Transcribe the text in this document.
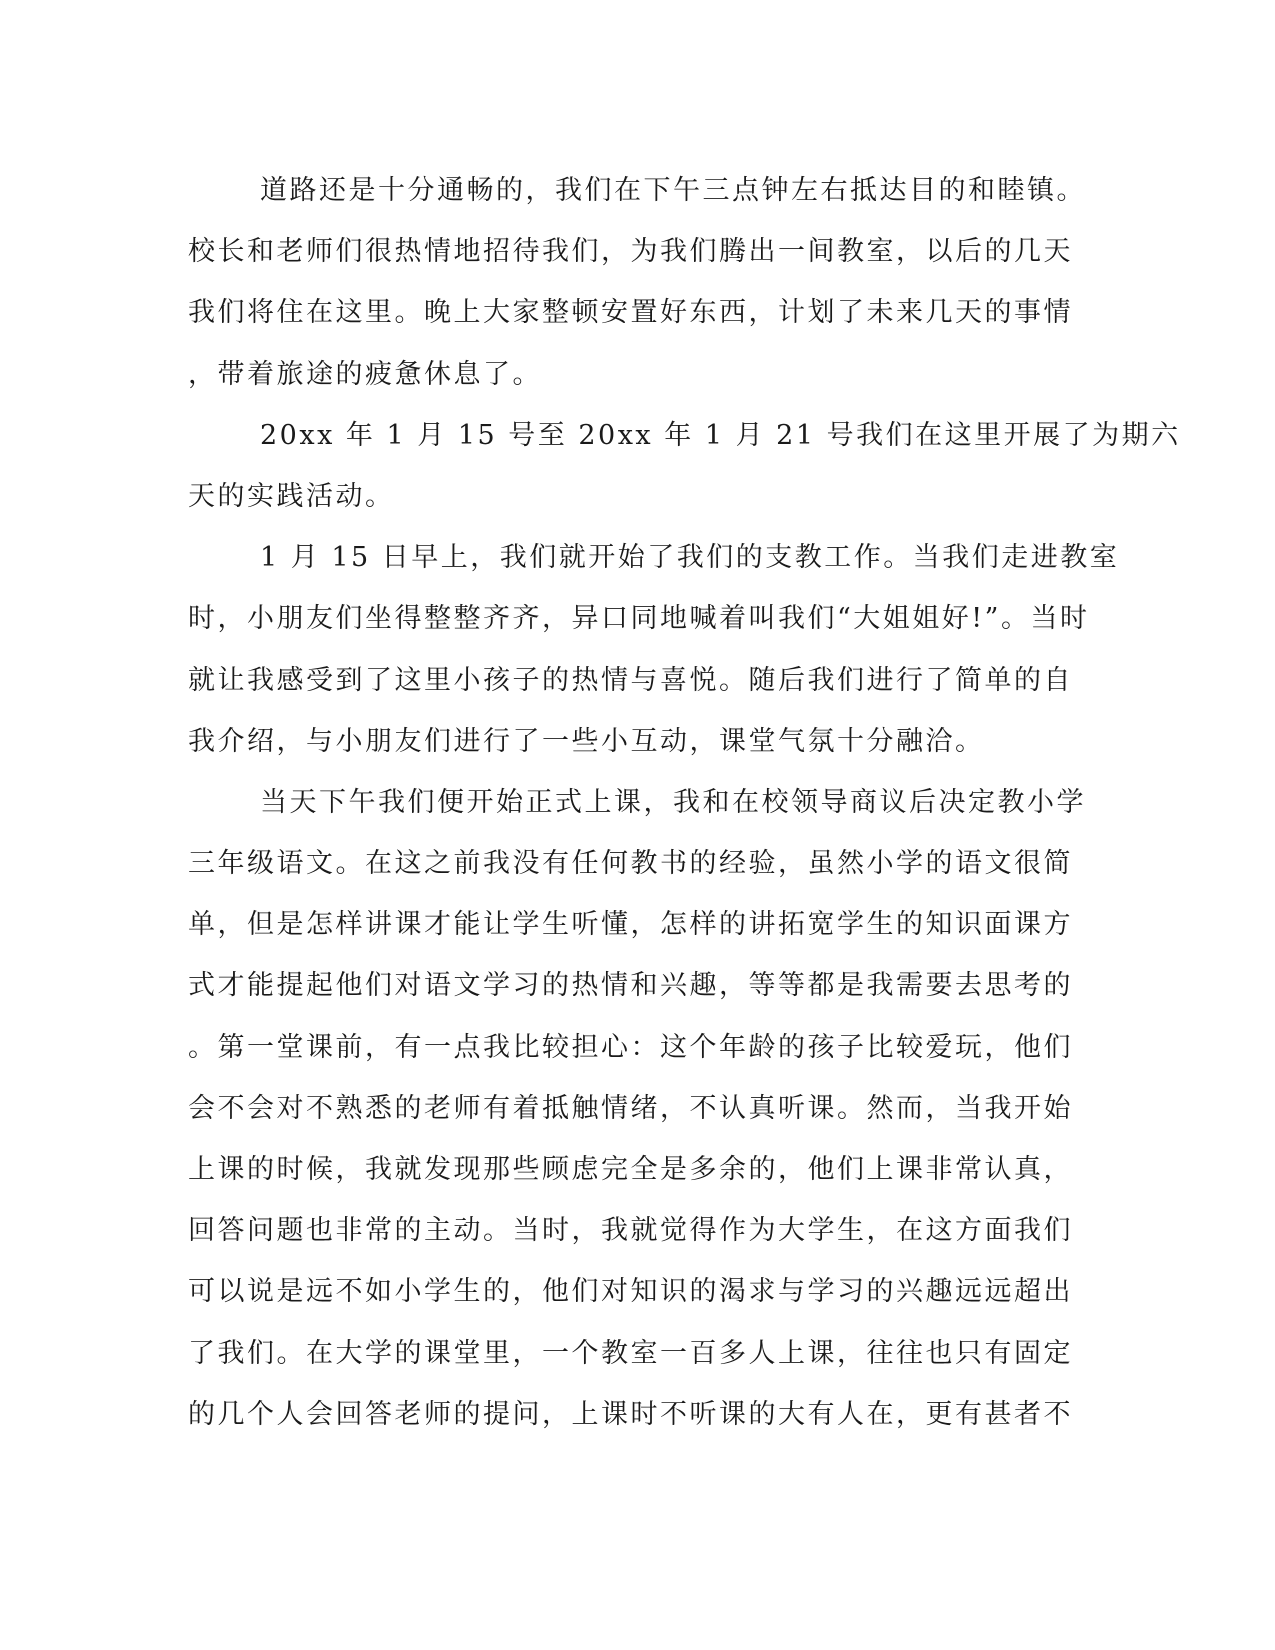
道路还是十分通畅的，我们在下午三点钟左右抵达目的和睦镇。
校长和老师们很热情地招待我们，为我们腾出一间教室，以后的几天
我们将住在这里。晚上大家整顿安置好东西，计划了未来几天的事情
，带着旅途的疲惫休息了。
20xx 年 1 月 15 号至 20xx 年 1 月 21 号我们在这里开展了为期六
天的实践活动。
1 月 15 日早上，我们就开始了我们的支教工作。当我们走进教室
时，小朋友们坐得整整齐齐，异口同地喊着叫我们“大姐姐好!”。当时
就让我感受到了这里小孩子的热情与喜悦。随后我们进行了简单的自
我介绍，与小朋友们进行了一些小互动，课堂气氛十分融洽。
当天下午我们便开始正式上课，我和在校领导商议后决定教小学
三年级语文。在这之前我没有任何教书的经验，虽然小学的语文很简
单，但是怎样讲课才能让学生听懂，怎样的讲拓宽学生的知识面课方
式才能提起他们对语文学习的热情和兴趣，等等都是我需要去思考的
。第一堂课前，有一点我比较担心：这个年龄的孩子比较爱玩，他们
会不会对不熟悉的老师有着抵触情绪，不认真听课。然而，当我开始
上课的时候，我就发现那些顾虑完全是多余的，他们上课非常认真，
回答问题也非常的主动。当时，我就觉得作为大学生，在这方面我们
可以说是远不如小学生的，他们对知识的渴求与学习的兴趣远远超出
了我们。在大学的课堂里，一个教室一百多人上课，往往也只有固定
的几个人会回答老师的提问，上课时不听课的大有人在，更有甚者不
